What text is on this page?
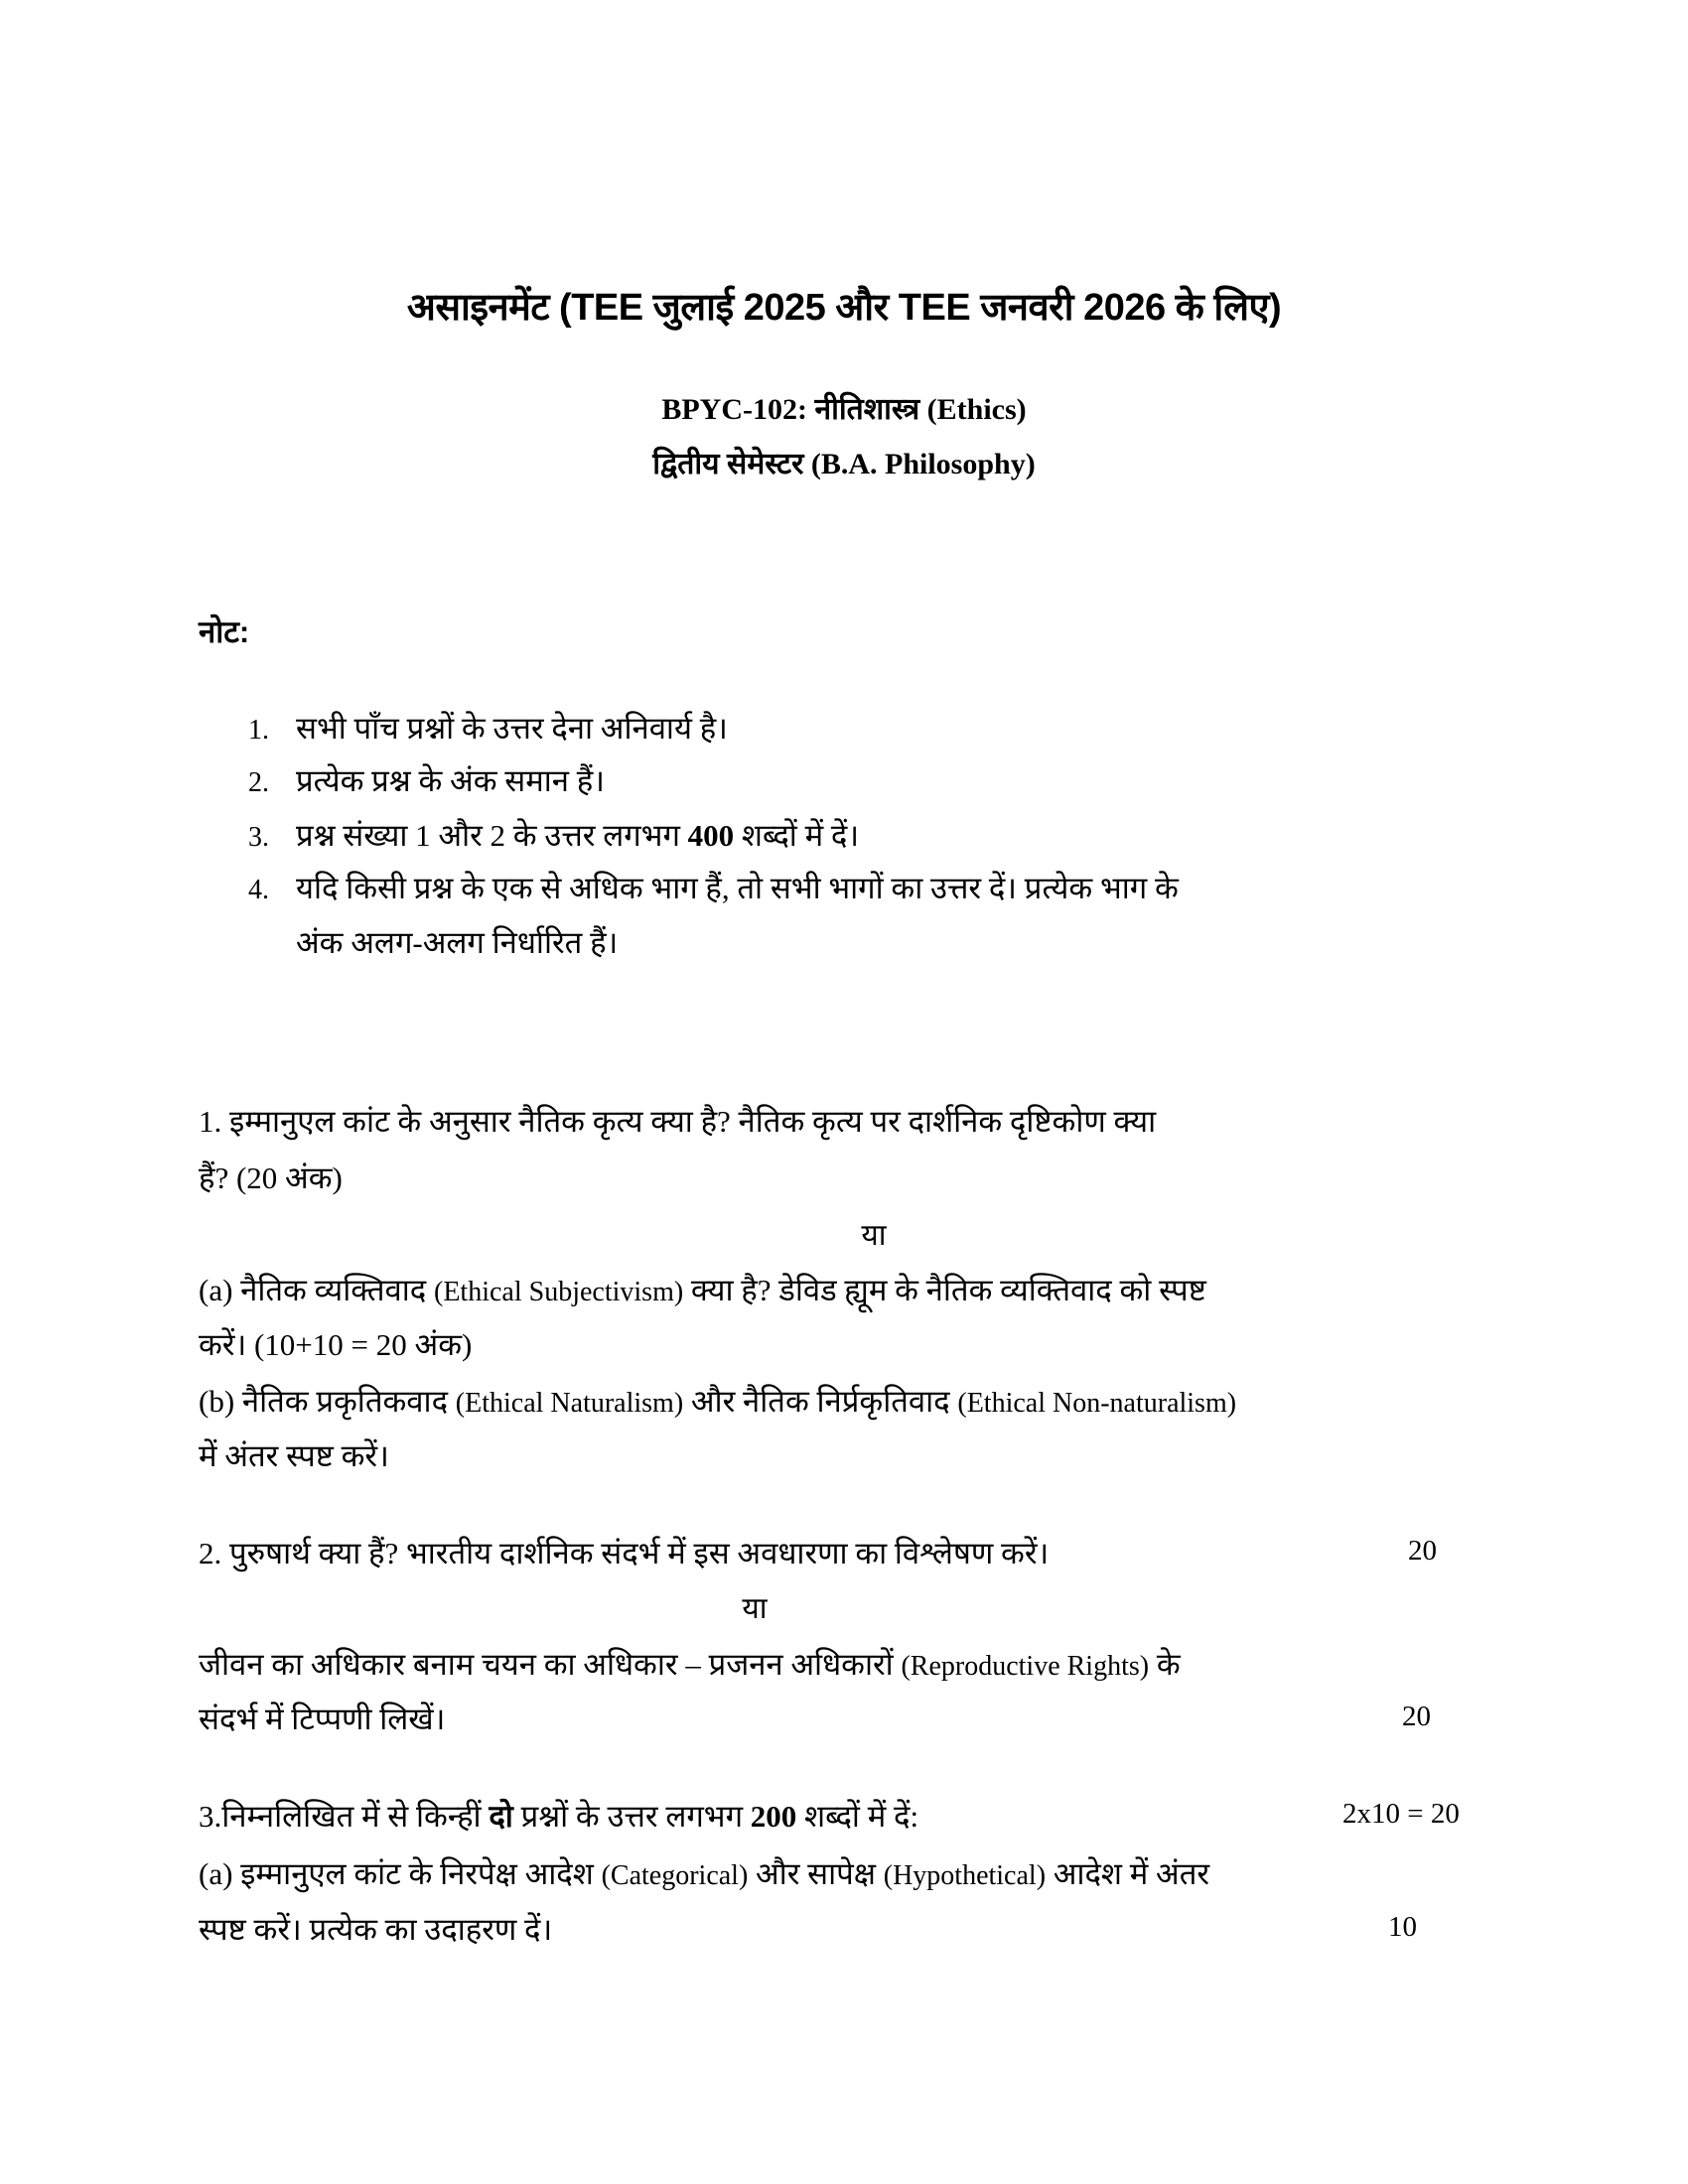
असाइनमेंट (TEE जुलाई 2025 और TEE जनवरी 2026 के लिए)
BPYC-102: नीतिशास्त्र (Ethics)
द्वितीय सेमेस्टर (B.A. Philosophy)
नोट:
1. सभी पाँच प्रश्नों के उत्तर देना अनिवार्य है।
2. प्रत्येक प्रश्न के अंक समान हैं।
3. प्रश्न संख्या 1 और 2 के उत्तर लगभग 400 शब्दों में दें।
4. यदि किसी प्रश्न के एक से अधिक भाग हैं, तो सभी भागों का उत्तर दें। प्रत्येक भाग के
अंक अलग-अलग निर्धारित हैं।
1. इम्मानुएल कांट के अनुसार नैतिक कृत्य क्या है? नैतिक कृत्य पर दार्शनिक दृष्टिकोण क्या
हैं? (20 अंक)
या
(a) नैतिक व्यक्तिवाद (Ethical Subjectivism) क्या है? डेविड ह्यूम के नैतिक व्यक्तिवाद को स्पष्ट
करें। (10+10 = 20 अंक)
(b) नैतिक प्रकृतिकवाद (Ethical Naturalism) और नैतिक निर्प्रकृतिवाद (Ethical Non-naturalism)
में अंतर स्पष्ट करें।
2. पुरुषार्थ क्या हैं? भारतीय दार्शनिक संदर्भ में इस अवधारणा का विश्लेषण करें।	20
या
जीवन का अधिकार बनाम चयन का अधिकार – प्रजनन अधिकारों (Reproductive Rights) के
संदर्भ में टिप्पणी लिखें।	20
3.निम्नलिखित में से किन्हीं दो प्रश्नों के उत्तर लगभग 200 शब्दों में दें:	2x10 = 20
(a) इम्मानुएल कांट के निरपेक्ष आदेश (Categorical) और सापेक्ष (Hypothetical) आदेश में अंतर
स्पष्ट करें। प्रत्येक का उदाहरण दें।	10
